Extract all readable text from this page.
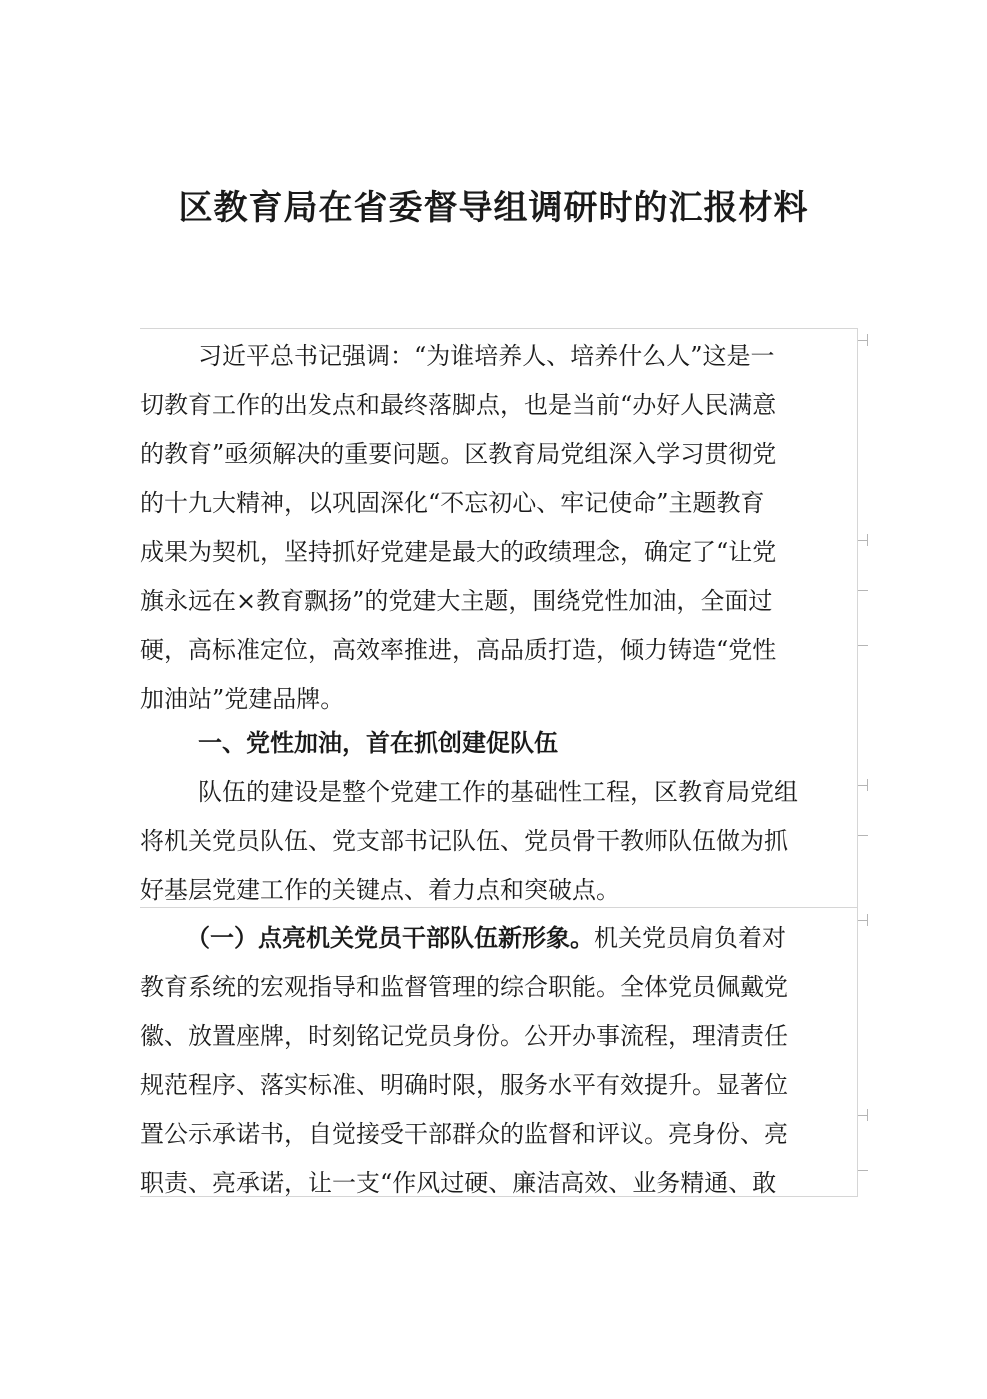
区教育局在省委督导组调研时的汇报材料
习近平总书记强调：“为谁培养人、培养什么人”这是一
切教育工作的出发点和最终落脚点，也是当前“办好人民满意
的教育”亟须解决的重要问题。区教育局党组深入学习贯彻党
的十九大精神，以巩固深化“不忘初心、牢记使命”主题教育
成果为契机，坚持抓好党建是最大的政绩理念，确定了“让党
旗永远在×教育飘扬”的党建大主题，围绕党性加油，全面过
硬，高标准定位，高效率推进，高品质打造，倾力铸造“党性
加油站”党建品牌。
一、党性加油，首在抓创建促队伍
队伍的建设是整个党建工作的基础性工程，区教育局党组
将机关党员队伍、党支部书记队伍、党员骨干教师队伍做为抓
好基层党建工作的关键点、着力点和突破点。
（一）点亮机关党员干部队伍新形象。机关党员肩负着对
教育系统的宏观指导和监督管理的综合职能。全体党员佩戴党
徽、放置座牌，时刻铭记党员身份。公开办事流程，理清责任
规范程序、落实标准、明确时限，服务水平有效提升。显著位
置公示承诺书，自觉接受干部群众的监督和评议。亮身份、亮
职责、亮承诺，让一支“作风过硬、廉洁高效、业务精通、敢
